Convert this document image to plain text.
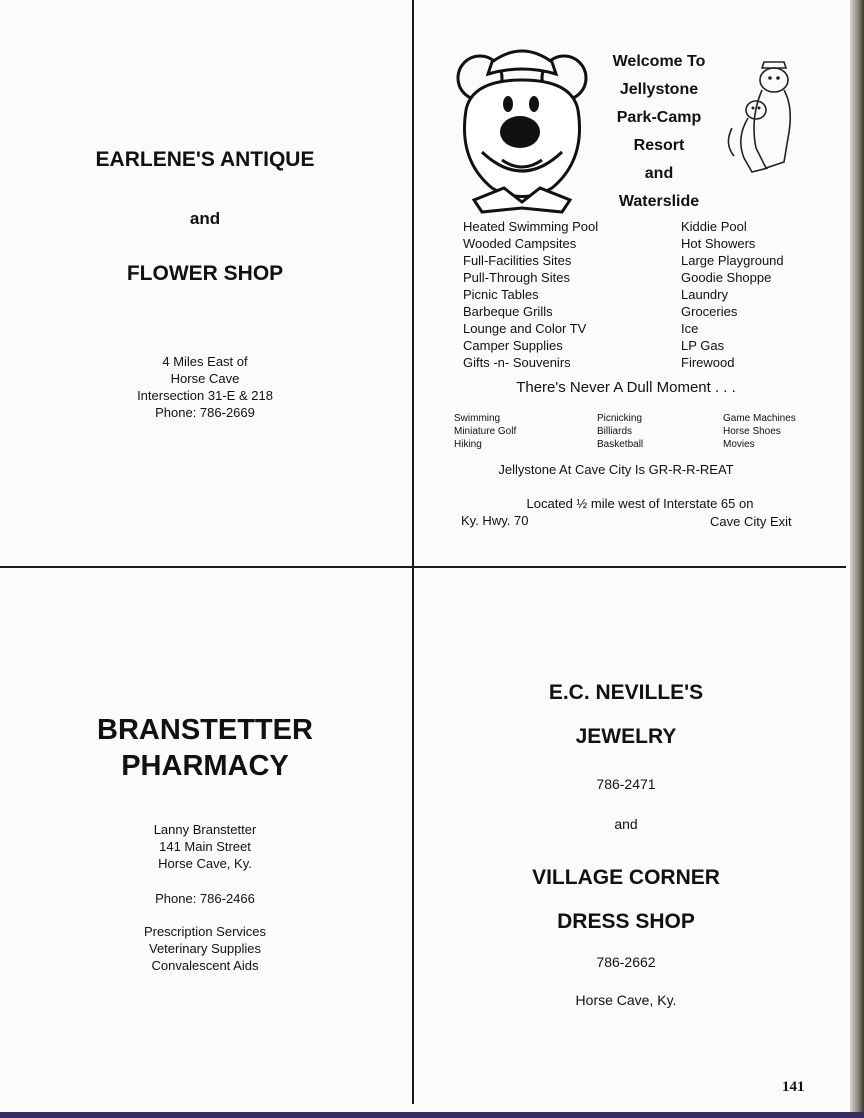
EARLENE'S ANTIQUE
and
FLOWER SHOP
4 Miles East of
Horse Cave
Intersection 31-E & 218
Phone: 786-2669
Welcome To
Jellystone
Park-Camp
Resort
and
Waterslide
Heated Swimming Pool
Wooded Campsites
Full-Facilities Sites
Pull-Through Sites
Picnic Tables
Barbeque Grills
Lounge and Color TV
Camper Supplies
Gifts -n- Souvenirs
Kiddie Pool
Hot Showers
Large Playground
Goodie Shoppe
Laundry
Groceries
Ice
LP Gas
Firewood
There's Never A Dull Moment . . .
Swimming
Miniature Golf
Hiking
Picnicking
Billiards
Basketball
Game Machines
Horse Shoes
Movies
Jellystone At Cave City Is GR-R-R-REAT
Located ½ mile west of Interstate 65 on
Ky. Hwy. 70	Cave City Exit
BRANSTETTER
PHARMACY
Lanny Branstetter
141 Main Street
Horse Cave, Ky.
Phone: 786-2466
Prescription Services
Veterinary Supplies
Convalescent Aids
E.C. NEVILLE'S
JEWELRY
786-2471
and
VILLAGE CORNER
DRESS SHOP
786-2662
Horse Cave, Ky.
141
